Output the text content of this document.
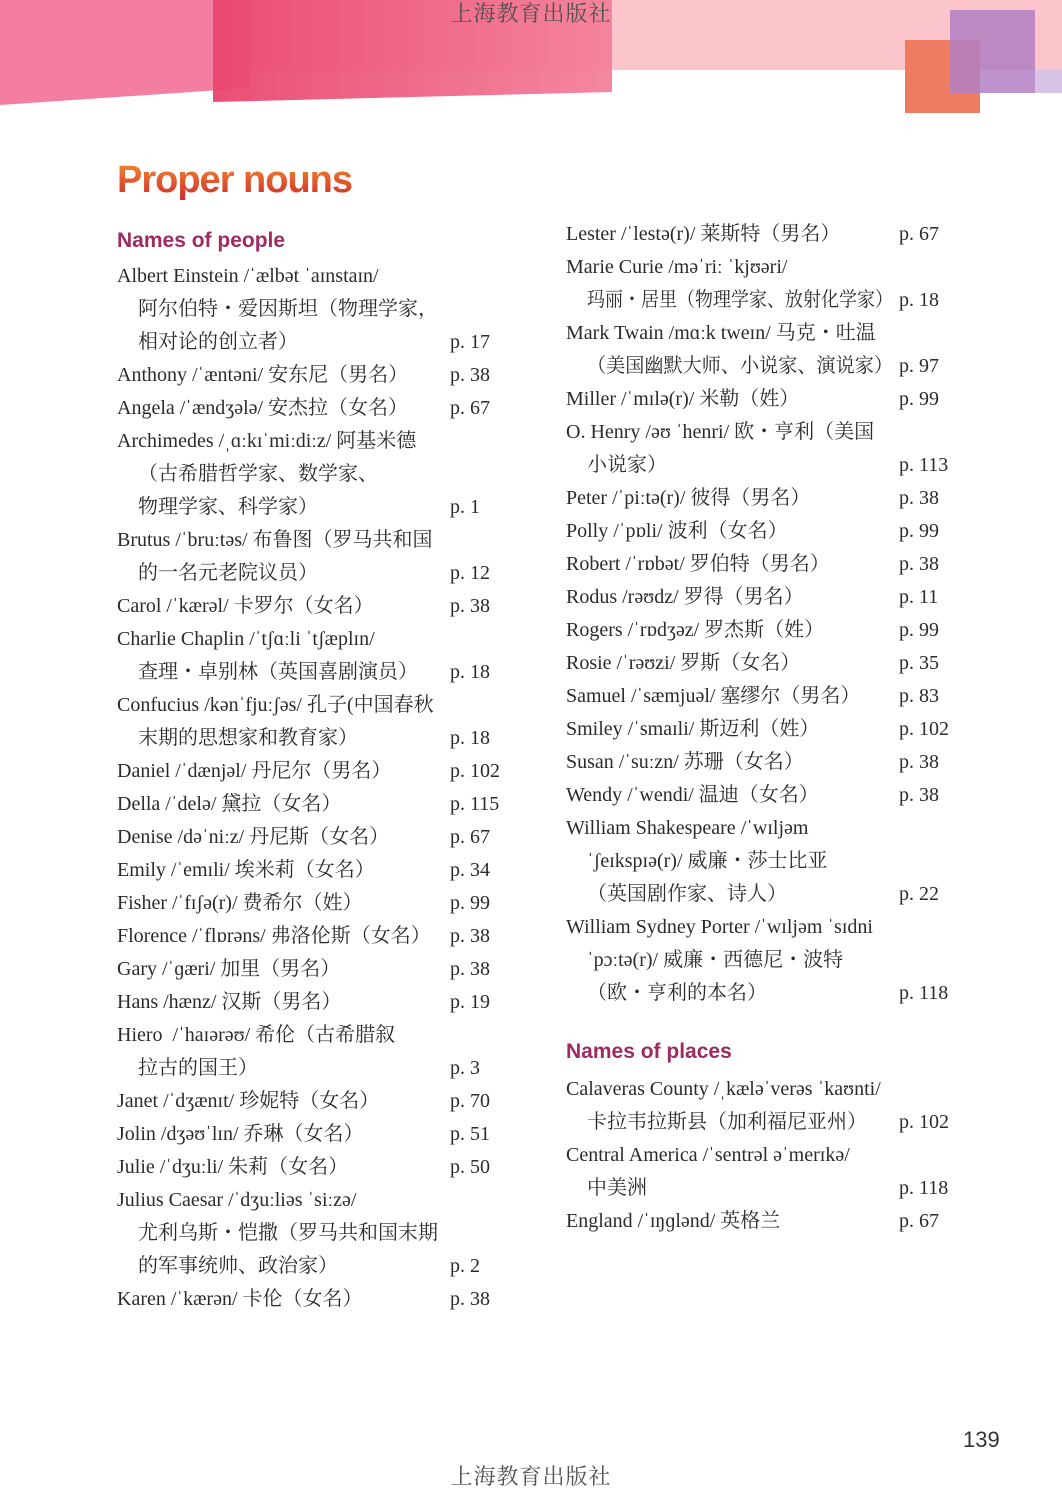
上海教育出版社
Proper nouns
Names of people
Albert Einstein /ˈælbət ˈaɪnstaɪn/
阿尔伯特・爱因斯坦（物理学家，
相对论的创立者）	p. 17
Anthony /ˈæntəni/ 安东尼（男名） p. 38
Angela /ˈændʒələ/ 安杰拉（女名） p. 67
Archimedes /ˌɑːkɪˈmiːdiːz/ 阿基米德
（古希腊哲学家、数学家、
物理学家、科学家）	p. 1
Brutus /ˈbruːtəs/ 布鲁图（罗马共和国
的一名元老院议员）	p. 12
Carol /ˈkærəl/ 卡罗尔（女名）	p. 38
Charlie Chaplin /ˈtʃɑːli ˈtʃæplɪn/
查理・卓别林（英国喜剧演员） p. 18
Confucius /kənˈfjuːʃəs/ 孔子(中国春秋
末期的思想家和教育家）	p. 18
Daniel /ˈdænjəl/ 丹尼尔（男名）	p. 102
Della /ˈdelə/ 黛拉（女名）	p. 115
Denise /dəˈniːz/ 丹尼斯（女名）	p. 67
Emily /ˈemɪli/ 埃米莉（女名）	p. 34
Fisher /ˈfɪʃə(r)/ 费希尔（姓）	p. 99
Florence /ˈflɒrəns/ 弗洛伦斯（女名） p. 38
Gary /ˈɡæri/ 加里（男名）	p. 38
Hans /hænz/ 汉斯（男名）	p. 19
Hiero  /ˈhaɪərəʊ/ 希伦（古希腊叙
拉古的国王）	p. 3
Janet /ˈdʒænɪt/ 珍妮特（女名）	p. 70
Jolin /dʒəʊˈlɪn/ 乔琳（女名）	p. 51
Julie /ˈdʒuːli/ 朱莉（女名）	p. 50
Julius Caesar /ˈdʒuːliəs ˈsiːzə/
尤利乌斯・恺撒（罗马共和国末期
的军事统帅、政治家）	p. 2
Karen /ˈkærən/ 卡伦（女名）	p. 38
Lester /ˈlestə(r)/ 莱斯特（男名）	p. 67
Marie Curie /məˈriː ˈkjʊəri/
玛丽・居里（物理学家、放射化学家） p. 18
Mark Twain /mɑːk tweɪn/ 马克・吐温
（美国幽默大师、小说家、演说家） p. 97
Miller /ˈmɪlə(r)/ 米勒（姓）	p. 99
O. Henry /əʊ ˈhenri/ 欧・亨利（美国
小说家）	p. 113
Peter /ˈpiːtə(r)/ 彼得（男名）	p. 38
Polly /ˈpɒli/ 波利（女名）	p. 99
Robert /ˈrɒbət/ 罗伯特（男名）	p. 38
Rodus /rəʊdz/ 罗得（男名）	p. 11
Rogers /ˈrɒdʒəz/ 罗杰斯（姓）	p. 99
Rosie /ˈrəʊzi/ 罗斯（女名）	p. 35
Samuel /ˈsæmjuəl/ 塞缪尔（男名） p. 83
Smiley /ˈsmaɪli/ 斯迈利（姓）	p. 102
Susan /ˈsuːzn/ 苏珊（女名）	p. 38
Wendy /ˈwendi/ 温迪（女名）	p. 38
William Shakespeare /ˈwɪljəm
ˈʃeɪkspɪə(r)/ 威廉・莎士比亚
（英国剧作家、诗人）	p. 22
William Sydney Porter /ˈwɪljəm ˈsɪdni
ˈpɔːtə(r)/ 威廉・西德尼・波特
（欧・亨利的本名）	p. 118
Names of places
Calaveras County /ˌkæləˈverəs ˈkaʊnti/
卡拉韦拉斯县（加利福尼亚州） p. 102
Central America /ˈsentrəl əˈmerɪkə/
中美洲	p. 118
England /ˈɪŋɡlənd/ 英格兰	p. 67
139
上海教育出版社
